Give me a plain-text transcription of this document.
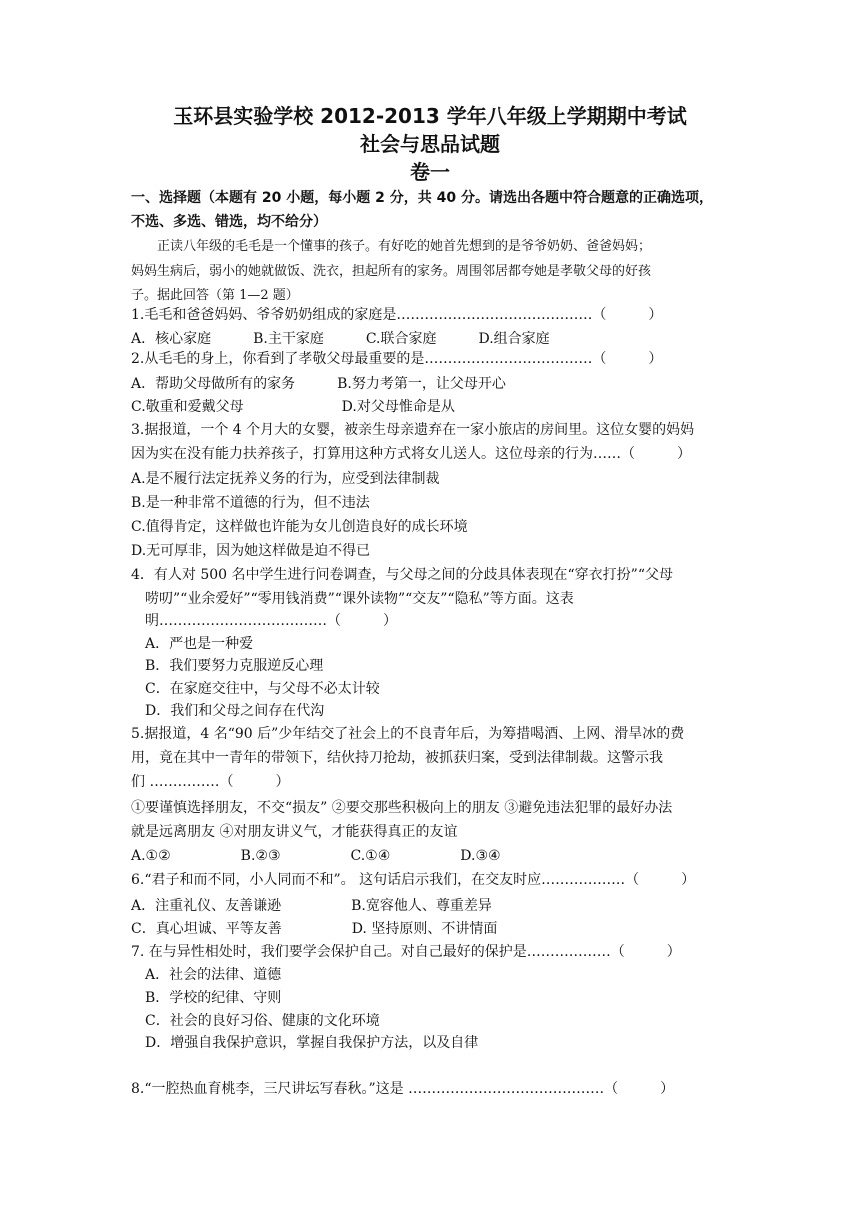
玉环县实验学校 2012-2013 学年八年级上学期期中考试
社会与思品试题
卷一
一、选择题（本题有 20 小题，每小题 2 分，共 40 分。请选出各题中符合题意的正确选项，
不选、多选、错选，均不给分）
　　正读八年级的毛毛是一个懂事的孩子。有好吃的她首先想到的是爷爷奶奶、爸爸妈妈；
妈妈生病后，弱小的她就做饭、洗衣，担起所有的家务。周围邻居都夸她是孝敬父母的好孩
子。据此回答（第 1—2 题）
1.毛毛和爸爸妈妈、爷爷奶奶组成的家庭是……………………………………（　　　）
A．核心家庭　　　B.主干家庭　　　C.联合家庭　　　D.组合家庭
2.从毛毛的身上，你看到了孝敬父母最重要的是………………………………（　　　）
A．帮助父母做所有的家务　　　B.努力考第一，让父母开心
C.敬重和爱戴父母　　　　　　　D.对父母惟命是从
3.据报道，一个 4 个月大的女婴，被亲生母亲遗弃在一家小旅店的房间里。这位女婴的妈妈
因为实在没有能力扶养孩子，打算用这种方式将女儿送人。这位母亲的行为……（　　　）
A.是不履行法定抚养义务的行为，应受到法律制裁
B.是一种非常不道德的行为，但不违法
C.值得肯定，这样做也许能为女儿创造良好的成长环境
D.无可厚非，因为她这样做是迫不得已
4．有人对 500 名中学生进行问卷调查，与父母之间的分歧具体表现在“穿衣打扮”“父母
　唠叨”“业余爱好”“零用钱消费”“课外读物”“交友”“隐私”等方面。这表
　明………………………………（　　　）
　A．严也是一种爱
　B．我们要努力克服逆反心理
　C．在家庭交往中，与父母不必太计较
　D．我们和父母之间存在代沟
5.据报道，4 名“90 后”少年结交了社会上的不良青年后，为筹措喝酒、上网、滑旱冰的费
用，竟在其中一青年的带领下，结伙持刀抢劫，被抓获归案，受到法律制裁。这警示我
们 ……………（　　　）
①要谨慎选择朋友，不交“损友” ②要交那些积极向上的朋友 ③避免违法犯罪的最好办法
就是远离朋友 ④对朋友讲义气，才能获得真正的友谊
A.①②　　　　　B.②③　　　　　C.①④　　　　　D.③④
6.“君子和而不同，小人同而不和”。 这句话启示我们，在交友时应………………（　　　）
A．注重礼仪、友善谦逊　　　　　B.宽容他人、尊重差异
C．真心坦诚、平等友善　　　　　D. 坚持原则、不讲情面
7. 在与异性相处时，我们要学会保护自己。对自己最好的保护是………………（　　　）
　A．社会的法律、道德
　B．学校的纪律、守则
　C．社会的良好习俗、健康的文化环境
　D．增强自我保护意识，掌握自我保护方法，以及自律
8.“一腔热血育桃李，三尺讲坛写春秋。”这是 ……………………………………（　　　）
